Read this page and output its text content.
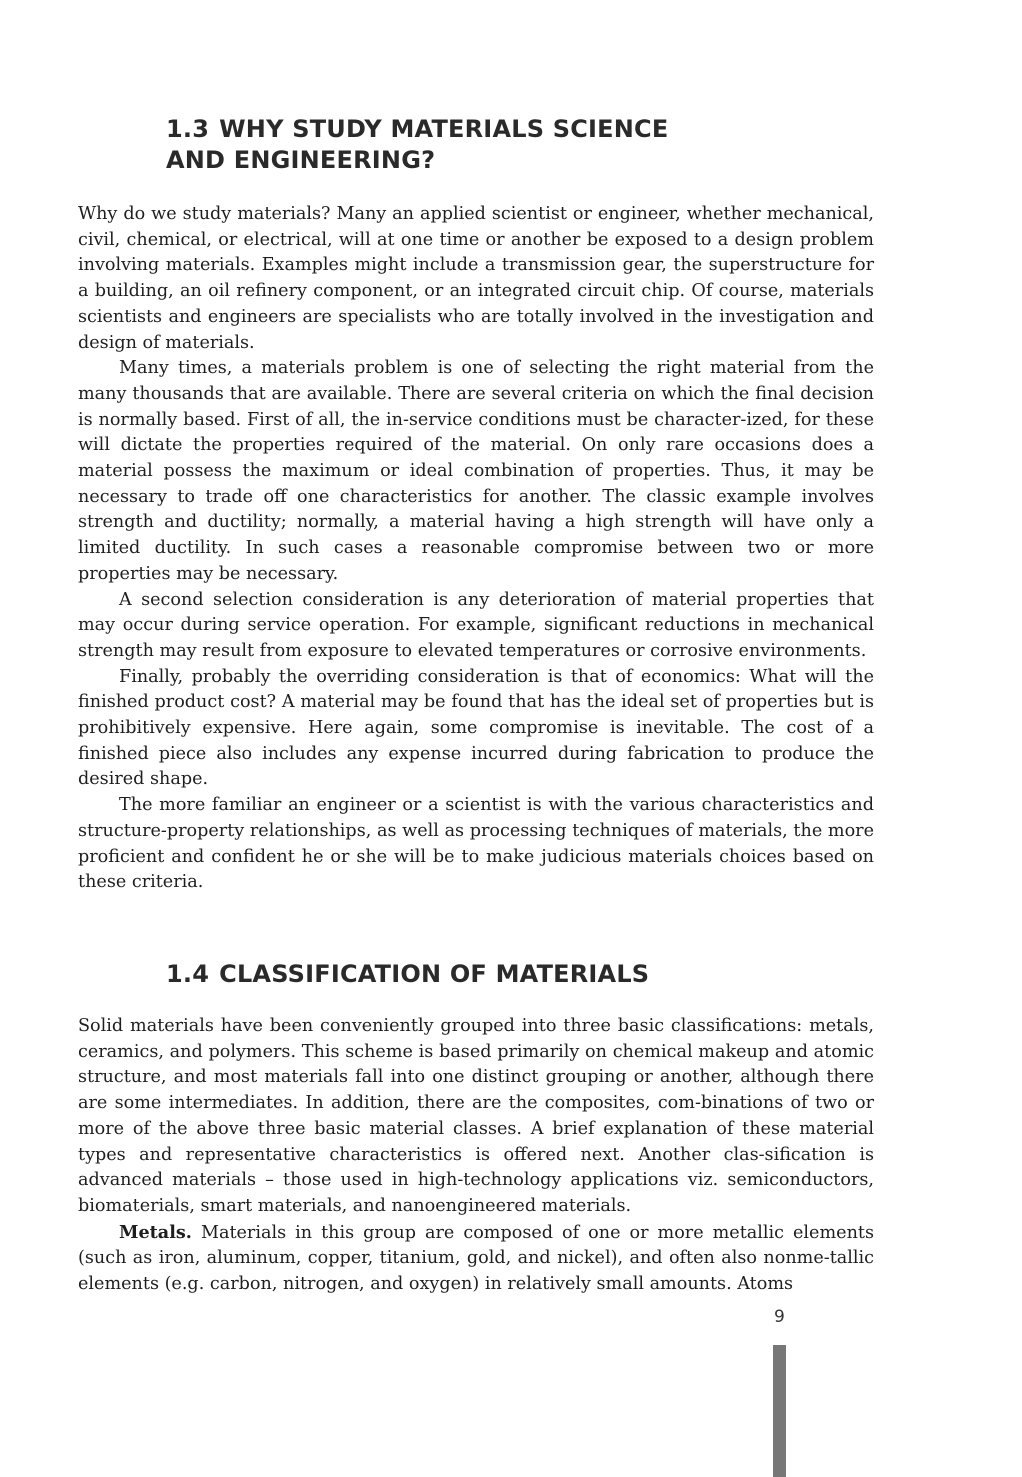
1.3 WHY STUDY MATERIALS SCIENCE
AND ENGINEERING?

Why do we study materials? Many an applied scientist or engineer, whether mechanical, civil, chemical, or electrical, will at one time or another be exposed to a design problem involving materials. Examples might include a transmission gear, the superstructure for a building, an oil refinery component, or an integrated circuit chip. Of course, materials scientists and engineers are specialists who are totally involved in the investigation and design of materials.

Many times, a materials problem is one of selecting the right material from the many thousands that are available. There are several criteria on which the final decision is normally based. First of all, the in-service conditions must be character-ized, for these will dictate the properties required of the material. On only rare occasions does a material possess the maximum or ideal combination of properties. Thus, it may be necessary to trade off one characteristics for another. The classic example involves strength and ductility; normally, a material having a high strength will have only a limited ductility. In such cases a reasonable compromise between two or more properties may be necessary.

A second selection consideration is any deterioration of material properties that may occur during service operation. For example, significant reductions in mechanical strength may result from exposure to elevated temperatures or corrosive environments.

Finally, probably the overriding consideration is that of economics: What will the finished product cost? A material may be found that has the ideal set of properties but is prohibitively expensive. Here again, some compromise is inevitable. The cost of a finished piece also includes any expense incurred during fabrication to produce the desired shape.

The more familiar an engineer or a scientist is with the various characteristics and structure-property relationships, as well as processing techniques of materials, the more proficient and confident he or she will be to make judicious materials choices based on these criteria.

1.4 CLASSIFICATION OF MATERIALS

Solid materials have been conveniently grouped into three basic classifications: metals, ceramics, and polymers. This scheme is based primarily on chemical makeup and atomic structure, and most materials fall into one distinct grouping or another, although there are some intermediates. In addition, there are the composites, com-binations of two or more of the above three basic material classes. A brief explanation of these material types and representative characteristics is offered next. Another clas-sification is advanced materials – those used in high-technology applications viz. semiconductors, biomaterials, smart materials, and nanoengineered materials.

Metals. Materials in this group are composed of one or more metallic elements (such as iron, aluminum, copper, titanium, gold, and nickel), and often also nonme-tallic elements (e.g. carbon, nitrogen, and oxygen) in relatively small amounts. Atoms

9
